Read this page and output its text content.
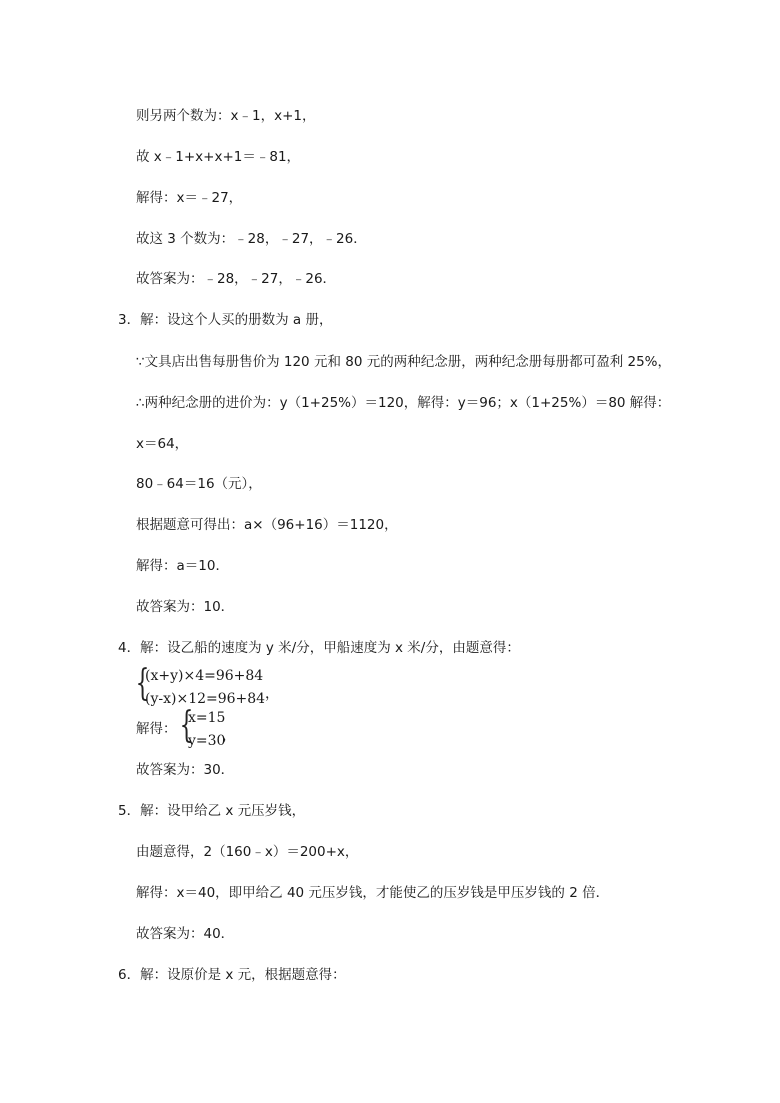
则另两个数为：x﹣1，x+1，
故 x﹣1+x+x+1＝﹣81，
解得：x＝﹣27，
故这 3 个数为：﹣28，﹣27，﹣26．
故答案为：﹣28，﹣27，﹣26．
3．解：设这个人买的册数为 a 册，
∵文具店出售每册售价为 120 元和 80 元的两种纪念册，两种纪念册每册都可盈利 25%，
∴两种纪念册的进价为：y（1+25%）＝120，解得：y＝96；x（1+25%）＝80 解得：
x＝64，
80﹣64＝16（元），
根据题意可得出：a×（96+16）＝1120，
解得：a＝10．
故答案为：10．
4．解：设乙船的速度为 y 米/分，甲船速度为 x 米/分，由题意得：
{
(x+y)×4=96+84
(y-x)×12=96+84 ，
解得： {
x=15
y=30
，
故答案为：30．
5．解：设甲给乙 x 元压岁钱，
由题意得，2（160﹣x）＝200+x，
解得：x＝40，即甲给乙 40 元压岁钱，才能使乙的压岁钱是甲压岁钱的 2 倍．
故答案为：40．
6．解：设原价是 x 元，根据题意得：
